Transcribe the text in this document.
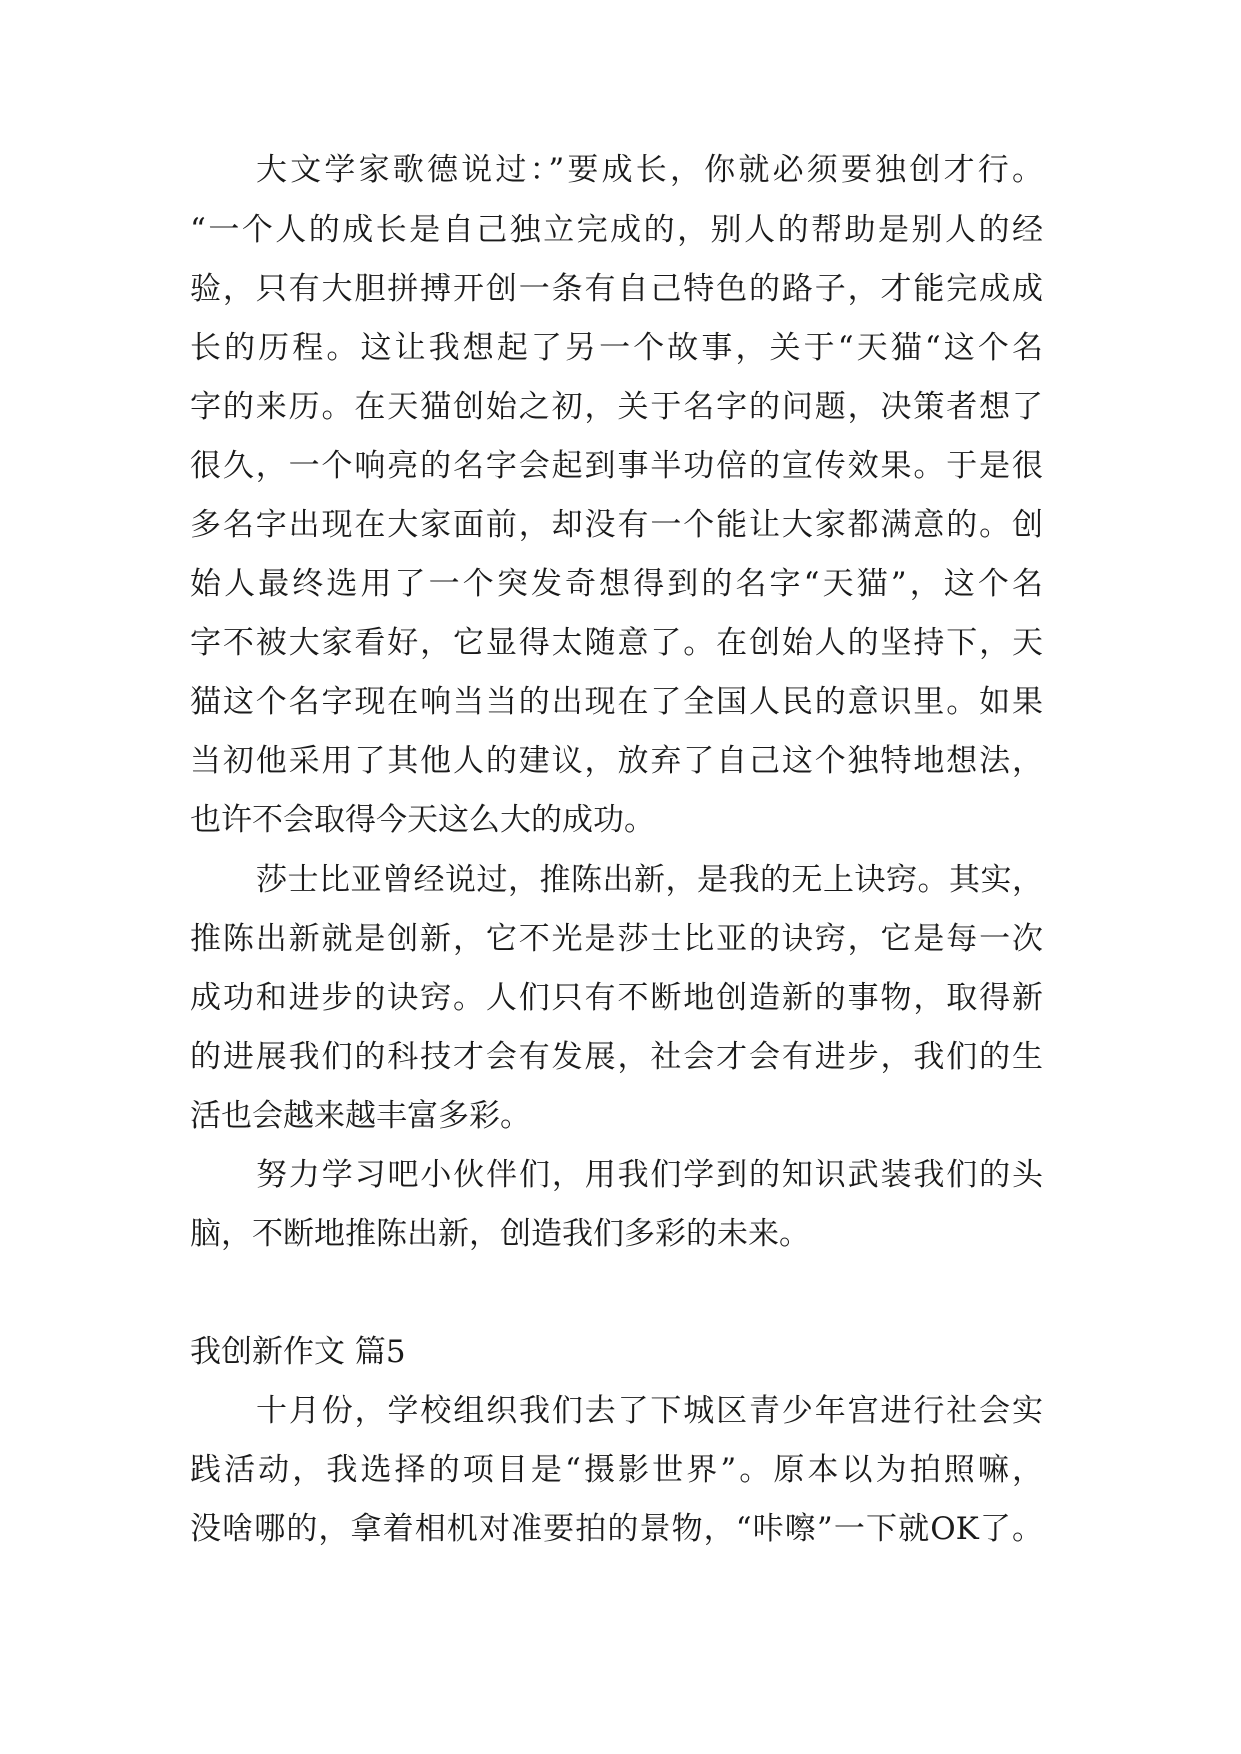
大文学家歌德说过：”要成长，你就必须要独创才行。
“一个人的成长是自己独立完成的，别人的帮助是别人的经
验，只有大胆拼搏开创一条有自己特色的路子，才能完成成
长的历程。这让我想起了另一个故事，关于“天猫“这个名
字的来历。在天猫创始之初，关于名字的问题，决策者想了
很久，一个响亮的名字会起到事半功倍的宣传效果。于是很
多名字出现在大家面前，却没有一个能让大家都满意的。创
始人最终选用了一个突发奇想得到的名字“天猫”，这个名
字不被大家看好，它显得太随意了。在创始人的坚持下，天
猫这个名字现在响当当的出现在了全国人民的意识里。如果
当初他采用了其他人的建议，放弃了自己这个独特地想法，
也许不会取得今天这么大的成功。
莎士比亚曾经说过，推陈出新，是我的无上诀窍。其实，
推陈出新就是创新，它不光是莎士比亚的诀窍，它是每一次
成功和进步的诀窍。人们只有不断地创造新的事物，取得新
的进展我们的科技才会有发展，社会才会有进步，我们的生
活也会越来越丰富多彩。
努力学习吧小伙伴们，用我们学到的知识武装我们的头
脑，不断地推陈出新，创造我们多彩的未来。
我创新作文 篇5
十月份，学校组织我们去了下城区青少年宫进行社会实
践活动，我选择的项目是“摄影世界”。原本以为拍照嘛，
没啥哪的，拿着相机对准要拍的景物，“咔嚓”一下就OK了。
